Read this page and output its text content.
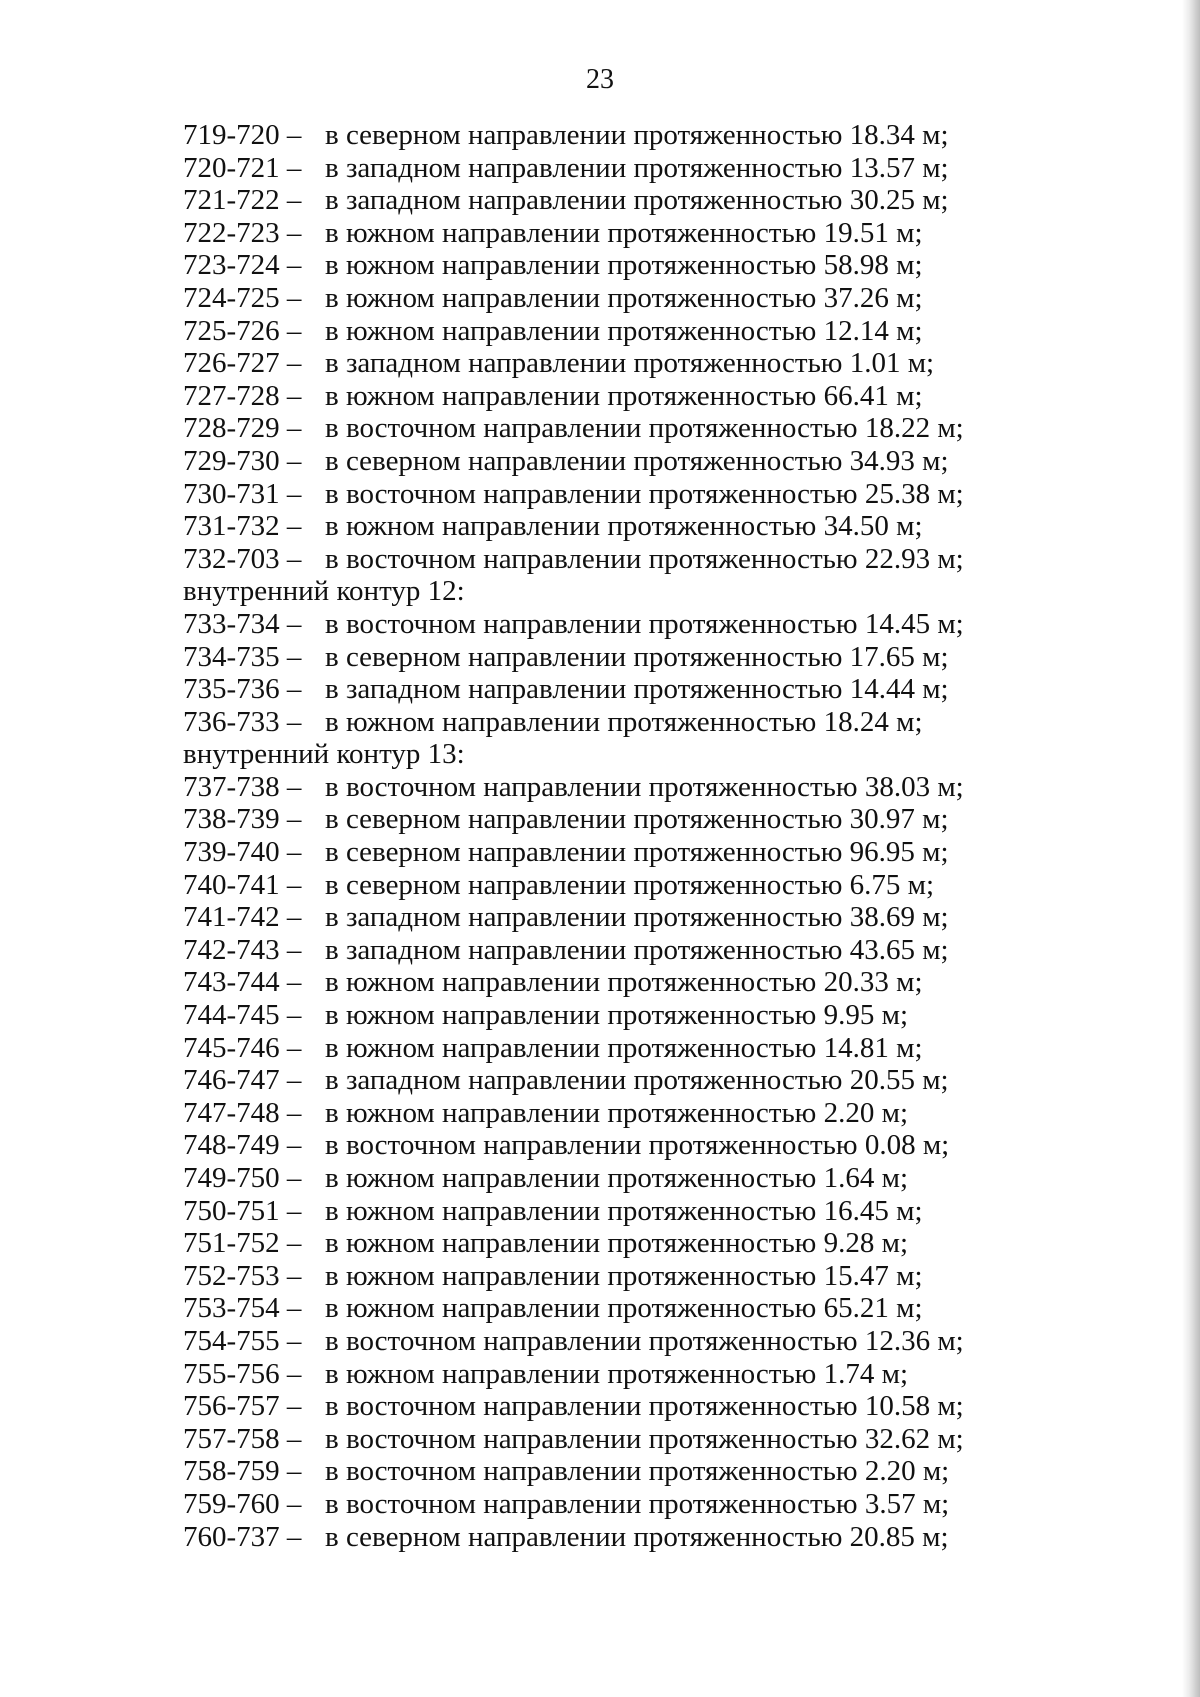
23
719-720 – в северном направлении протяженностью 18.34 м;
720-721 – в западном направлении протяженностью 13.57 м;
721-722 – в западном направлении протяженностью 30.25 м;
722-723 – в южном направлении протяженностью 19.51 м;
723-724 – в южном направлении протяженностью 58.98 м;
724-725 – в южном направлении протяженностью 37.26 м;
725-726 – в южном направлении протяженностью 12.14 м;
726-727 – в западном направлении протяженностью 1.01 м;
727-728 – в южном направлении протяженностью 66.41 м;
728-729 – в восточном направлении протяженностью 18.22 м;
729-730 – в северном направлении протяженностью 34.93 м;
730-731 – в восточном направлении протяженностью 25.38 м;
731-732 – в южном направлении протяженностью 34.50 м;
732-703 – в восточном направлении протяженностью 22.93 м;
внутренний контур 12:
733-734 – в восточном направлении протяженностью 14.45 м;
734-735 – в северном направлении протяженностью 17.65 м;
735-736 – в западном направлении протяженностью 14.44 м;
736-733 – в южном направлении протяженностью 18.24 м;
внутренний контур 13:
737-738 – в восточном направлении протяженностью 38.03 м;
738-739 – в северном направлении протяженностью 30.97 м;
739-740 – в северном направлении протяженностью 96.95 м;
740-741 – в северном направлении протяженностью 6.75 м;
741-742 – в западном направлении протяженностью 38.69 м;
742-743 – в западном направлении протяженностью 43.65 м;
743-744 – в южном направлении протяженностью 20.33 м;
744-745 – в южном направлении протяженностью 9.95 м;
745-746 – в южном направлении протяженностью 14.81 м;
746-747 – в западном направлении протяженностью 20.55 м;
747-748 – в южном направлении протяженностью 2.20 м;
748-749 – в восточном направлении протяженностью 0.08 м;
749-750 – в южном направлении протяженностью 1.64 м;
750-751 – в южном направлении протяженностью 16.45 м;
751-752 – в южном направлении протяженностью 9.28 м;
752-753 – в южном направлении протяженностью 15.47 м;
753-754 – в южном направлении протяженностью 65.21 м;
754-755 – в восточном направлении протяженностью 12.36 м;
755-756 – в южном направлении протяженностью 1.74 м;
756-757 – в восточном направлении протяженностью 10.58 м;
757-758 – в восточном направлении протяженностью 32.62 м;
758-759 – в восточном направлении протяженностью 2.20 м;
759-760 – в восточном направлении протяженностью 3.57 м;
760-737 – в северном направлении протяженностью 20.85 м;
